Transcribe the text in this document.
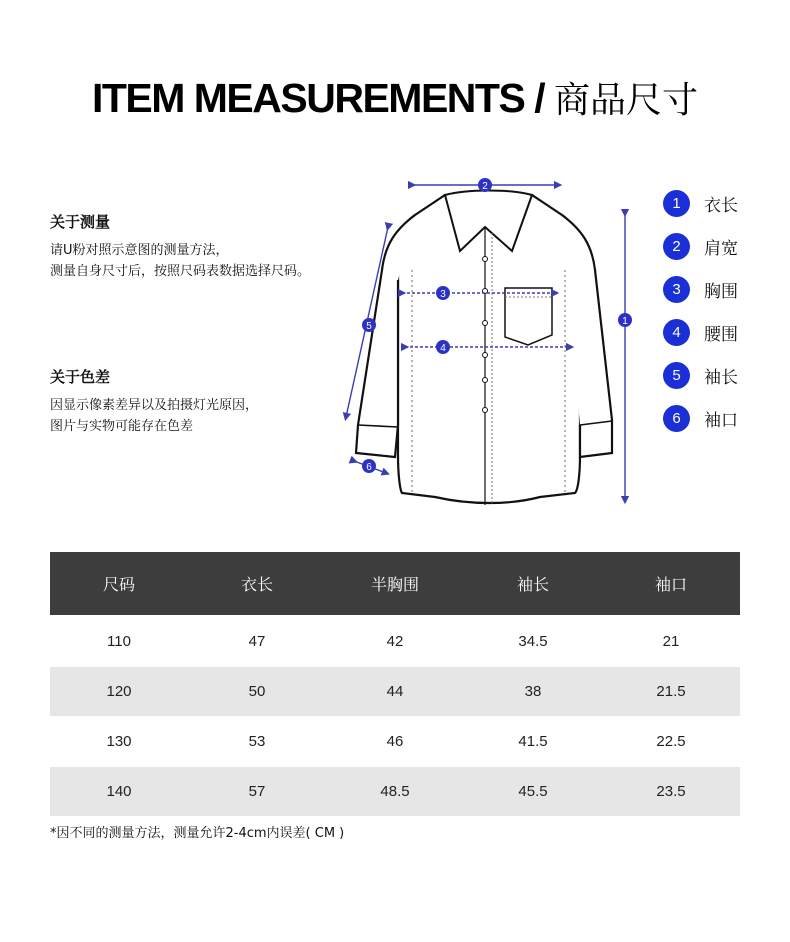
ITEM MEASUREMENTS / 商品尺寸
关于测量

请U粉对照示意图的测量方法，
测量自身尺寸后，按照尺码表数据选择尺码。

关于色差

因显示像素差异以及拍摄灯光原因，
图片与实物可能存在色差

2
3
4
1
5
6
1	衣长
2	肩宽
3	胸围
4	腰围
5	袖长
6	袖口
尺码	衣长	半胸围	袖长	袖口
110	47	42	34.5	21
120	50	44	38	21.5
130	53	46	41.5	22.5
140	57	48.5	45.5	23.5
*因不同的测量方法，测量允许2-4cm内误差( CM )
